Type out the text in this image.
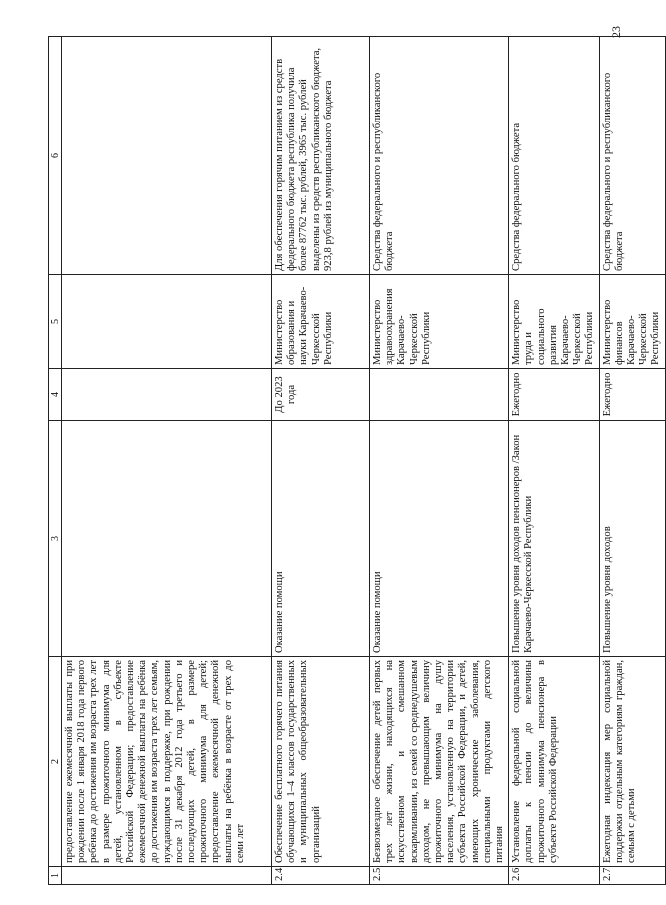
23
1	2	3	4	5	6
	предоставление ежемесячной выплаты при рождении после 1 января 2018 года первого ребёнка до достижения им возраста трех лет в размере прожиточного минимума для детей, установленном в субъекте Российской Федерации; предоставление ежемесячной денежной выплаты на ребёнка до достижения им возраста трех лет семьям, нуждающимся в поддержке, при рождении после 31 декабря 2012 года третьего и последующих детей, в размере прожиточного минимума для детей; предоставление ежемесячной денежной выплаты на ребёнка в возрасте от трех до семи лет				
2.4	Обеспечение бесплатного горячего питания обучающихся 1–4 классов государственных и муниципальных общеобразовательных организаций	Оказание помощи	До 2023 года	Министерство образования и науки Карачаево-Черкесской Республики	Для обеспечения горячим питанием из средств федерального бюджета республика получила более 87762 тыс. рублей, 3965 тыс. рублей выделены из средств республиканского бюджета, 923,8 рублей из муниципального бюджета
2.5	Безвозмездное обеспечение детей первых трех лет жизни, находящихся на искусственном и смешанном вскармливании, из семей со среднедушевым доходом, не превышающим величину прожиточного минимума на душу населения, установленную на территории субъекта Российской Федерации, и детей, имеющих хронические заболевания, специальными продуктами детского питания	Оказание помощи		Министерство здравоохранения Карачаево-Черкесской Республики	Средства федерального и республиканского бюджета
2.6	Установление федеральной социальной доплаты к пенсии до величины прожиточного минимума пенсионера в субъекте Российской Федерации	Повышение уровня доходов пенсионеров /Закон Карачаево-Черкесской Республики	Ежегодно	Министерство труда и социального развития Карачаево-Черкесской Республики	Средства федерального бюджета
2.7	Ежегодная индексация мер социальной поддержки отдельным категориям граждан, семьям с детьми	Повышение уровня доходов	Ежегодно	Министерство финансов Карачаево-Черкесской Республики	Средства федерального и республиканского бюджета
